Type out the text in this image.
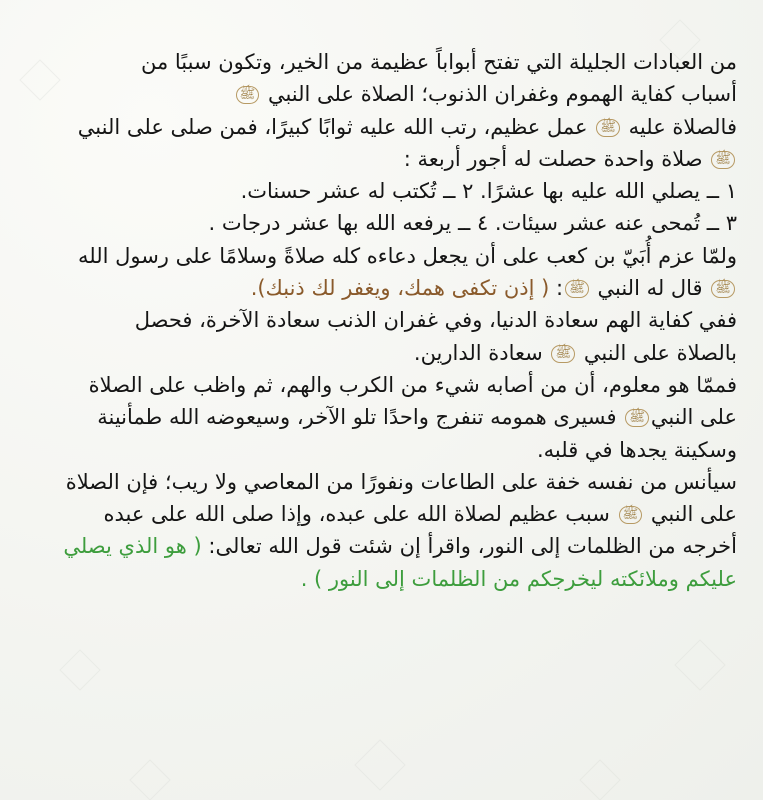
من العبادات الجليلة التي تفتح أبواباً عظيمة من الخير، وتكون سببًا من
أسباب كفاية الهموم وغفران الذنوب؛ الصلاة على النبي ﷺ
فالصلاة عليه ﷺ عمل عظيم، رتب الله عليه ثوابًا كبيرًا، فمن صلى على النبي
ﷺ صلاة واحدة حصلت له أجور أربعة :
١ ــ يصلي الله عليه بها عشرًا. ٢ ــ تُكتب له عشر حسنات.
٣ ــ تُمحى عنه عشر سيئات. ٤ ــ يرفعه الله بها عشر درجات .
ولمّا عزم أُبَيّ بن كعب على أن يجعل دعاءه كله صلاةً وسلامًا على رسول الله
ﷺ قال له النبي ﷺ: ( إذن تكفى همك، ويغفر لك ذنبك).
ففي كفاية الهم سعادة الدنيا، وفي غفران الذنب سعادة الآخرة، فحصل
بالصلاة على النبي ﷺ سعادة الدارين.
فممّا هو معلوم، أن من أصابه شيء من الكرب والهم، ثم واظب على الصلاة
على النبيﷺ فسيرى همومه تنفرج واحدًا تلو الآخر، وسيعوضه الله طمأنينة
وسكينة يجدها في قلبه.
سيأنس من نفسه خفة على الطاعات ونفورًا من المعاصي ولا ريب؛ فإن الصلاة
على النبي ﷺ سبب عظيم لصلاة الله على عبده، وإذا صلى الله على عبده
أخرجه من الظلمات إلى النور، واقرأ إن شئت قول الله تعالى: ( هو الذي يصلي
عليكم وملائكته ليخرجكم من الظلمات إلى النور ) .
